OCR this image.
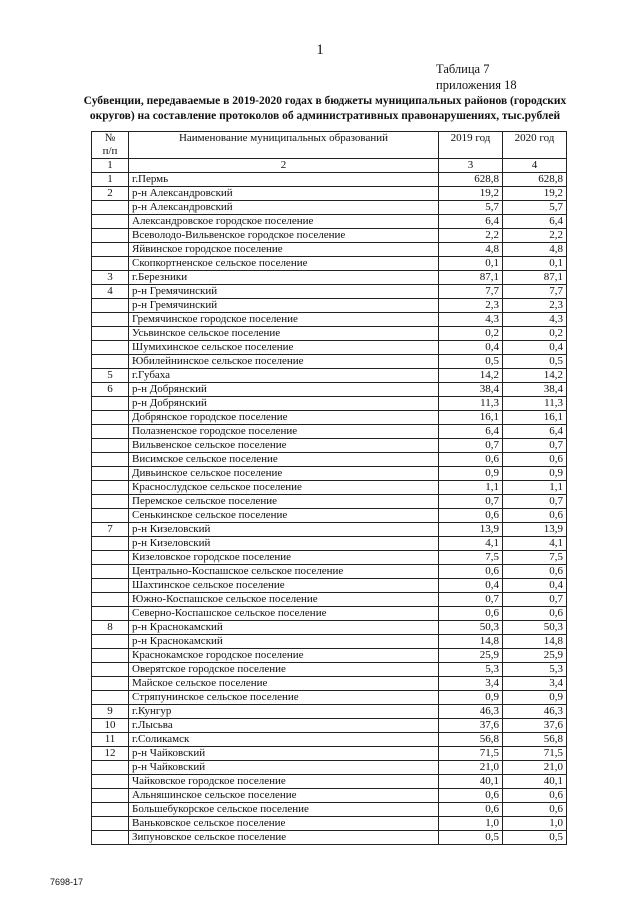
1
Таблица 7
приложения 18
Субвенции, передаваемые в 2019-2020 годах в бюджеты муниципальных районов (городских округов) на составление протоколов об административных правонарушениях, тыс.рублей
№
п/п	Наименование муниципальных образований	2019 год	2020 год
1	2	3	4
1	г.Пермь	628,8	628,8
2	р-н Александровский	19,2	19,2
	р-н Александровский	5,7	5,7
	Александровское городское поселение	6,4	6,4
	Всеволодо-Вильвенское городское поселение	2,2	2,2
	Яйвинское городское поселение	4,8	4,8
	Скопкортненское сельское поселение	0,1	0,1
3	г.Березники	87,1	87,1
4	р-н Гремячинский	7,7	7,7
	р-н Гремячинский	2,3	2,3
	Гремячинское городское поселение	4,3	4,3
	Усьвинское сельское поселение	0,2	0,2
	Шумихинское сельское поселение	0,4	0,4
	Юбилейнинское сельское поселение	0,5	0,5
5	г.Губаха	14,2	14,2
6	р-н Добрянский	38,4	38,4
	р-н Добрянский	11,3	11,3
	Добрянское городское поселение	16,1	16,1
	Полазненское городское поселение	6,4	6,4
	Вильвенское сельское поселение	0,7	0,7
	Висимское сельское поселение	0,6	0,6
	Дивьинское сельское поселение	0,9	0,9
	Краснослудское сельское поселение	1,1	1,1
	Перемское сельское поселение	0,7	0,7
	Сенькинское сельское поселение	0,6	0,6
7	р-н Кизеловский	13,9	13,9
	р-н Кизеловский	4,1	4,1
	Кизеловское городское поселение	7,5	7,5
	Центрально-Коспашское сельское поселение	0,6	0,6
	Шахтинское сельское поселение	0,4	0,4
	Южно-Коспашское сельское поселение	0,7	0,7
	Северно-Коспашское сельское поселение	0,6	0,6
8	р-н Краснокамский	50,3	50,3
	р-н Краснокамский	14,8	14,8
	Краснокамское городское поселение	25,9	25,9
	Оверятское городское поселение	5,3	5,3
	Майское сельское поселение	3,4	3,4
	Стряпунинское сельское поселение	0,9	0,9
9	г.Кунгур	46,3	46,3
10	г.Лысьва	37,6	37,6
11	г.Соликамск	56,8	56,8
12	р-н Чайковский	71,5	71,5
	р-н Чайковский	21,0	21,0
	Чайковское городское поселение	40,1	40,1
	Альняшинское сельское поселение	0,6	0,6
	Большебукорское сельское поселение	0,6	0,6
	Ваньковское сельское поселение	1,0	1,0
	Зипуновское сельское поселение	0,5	0,5
7698-17
